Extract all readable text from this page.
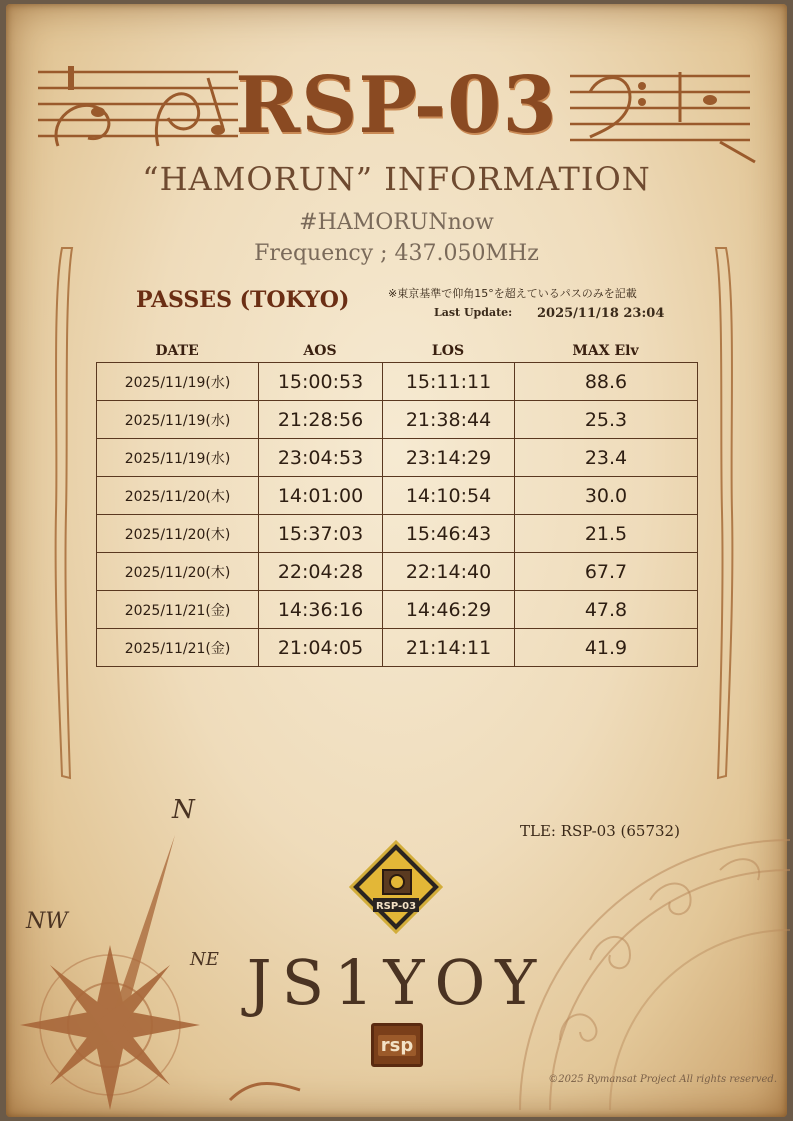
RSP-03
“HAMORUN” INFORMATION
#HAMORUNnow
Frequency ; 437.050MHz
PASSES (TOKYO)	※東京基準で仰角15°を超えているパスのみを記載
Last Update: 2025/11/18 23:04
DATE	AOS	LOS	MAX Elv
2025/11/19(水)	15:00:53	15:11:11	88.6
2025/11/19(水)	21:28:56	21:38:44	25.3
2025/11/19(水)	23:04:53	23:14:29	23.4
2025/11/20(木)	14:01:00	14:10:54	30.0
2025/11/20(木)	15:37:03	15:46:43	21.5
2025/11/20(木)	22:04:28	22:14:40	67.7
2025/11/21(金)	14:36:16	14:46:29	47.8
2025/11/21(金)	21:04:05	21:14:11	41.9
TLE: RSP-03 (65732)
N
NW
NE
RSP-03
JS1YOY
rsp
©2025 Rymansat Project All rights reserved.
